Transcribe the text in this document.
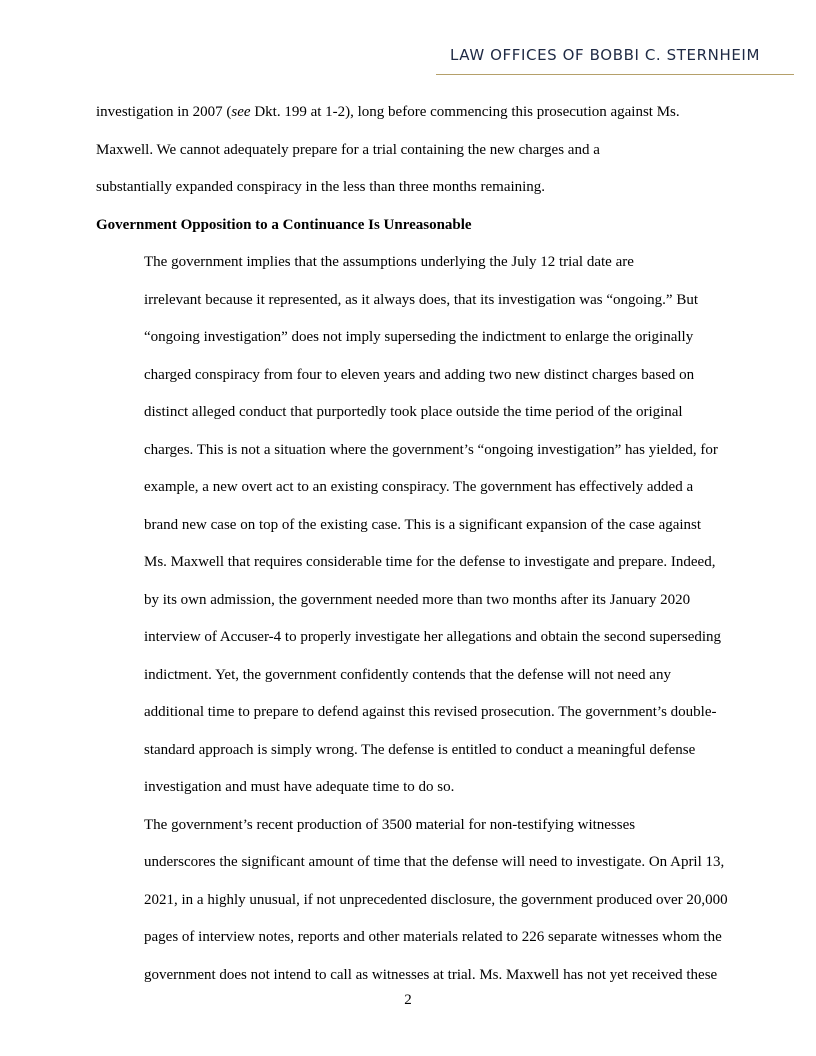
LAW OFFICES OF BOBBI C. STERNHEIM

investigation in 2007 (see Dkt. 199 at 1-2), long before commencing this prosecution against Ms.
Maxwell. We cannot adequately prepare for a trial containing the new charges and a
substantially expanded conspiracy in the less than three months remaining.

Government Opposition to a Continuance Is Unreasonable

The government implies that the assumptions underlying the July 12 trial date are
irrelevant because it represented, as it always does, that its investigation was “ongoing.” But
“ongoing investigation” does not imply superseding the indictment to enlarge the originally
charged conspiracy from four to eleven years and adding two new distinct charges based on
distinct alleged conduct that purportedly took place outside the time period of the original
charges. This is not a situation where the government’s “ongoing investigation” has yielded, for
example, a new overt act to an existing conspiracy. The government has effectively added a
brand new case on top of the existing case. This is a significant expansion of the case against
Ms. Maxwell that requires considerable time for the defense to investigate and prepare. Indeed,
by its own admission, the government needed more than two months after its January 2020
interview of Accuser-4 to properly investigate her allegations and obtain the second superseding
indictment. Yet, the government confidently contends that the defense will not need any
additional time to prepare to defend against this revised prosecution. The government’s double-
standard approach is simply wrong. The defense is entitled to conduct a meaningful defense
investigation and must have adequate time to do so.

The government’s recent production of 3500 material for non-testifying witnesses
underscores the significant amount of time that the defense will need to investigate. On April 13,
2021, in a highly unusual, if not unprecedented disclosure, the government produced over 20,000
pages of interview notes, reports and other materials related to 226 separate witnesses whom the
government does not intend to call as witnesses at trial. Ms. Maxwell has not yet received these

2
